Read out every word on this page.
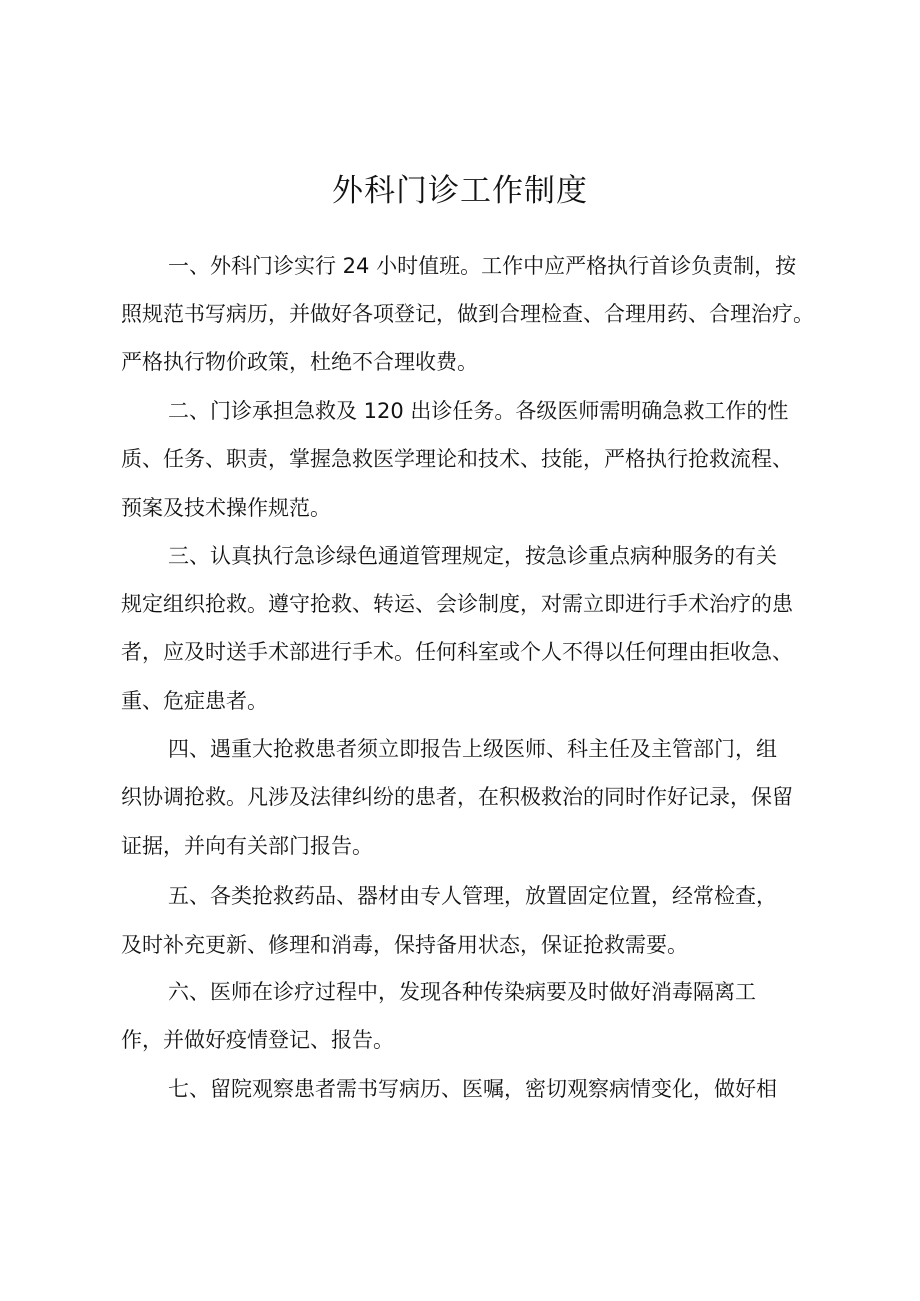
外科门诊工作制度
一、外科门诊实行 24 小时值班。工作中应严格执行首诊负责制，按
照规范书写病历，并做好各项登记，做到合理检查、合理用药、合理治疗。
严格执行物价政策，杜绝不合理收费。
二、门诊承担急救及 120 出诊任务。各级医师需明确急救工作的性
质、任务、职责，掌握急救医学理论和技术、技能，严格执行抢救流程、
预案及技术操作规范。
三、认真执行急诊绿色通道管理规定，按急诊重点病种服务的有关
规定组织抢救。遵守抢救、转运、会诊制度，对需立即进行手术治疗的患
者，应及时送手术部进行手术。任何科室或个人不得以任何理由拒收急、
重、危症患者。
四、遇重大抢救患者须立即报告上级医师、科主任及主管部门，组
织协调抢救。凡涉及法律纠纷的患者，在积极救治的同时作好记录，保留
证据，并向有关部门报告。
五、各类抢救药品、器材由专人管理，放置固定位置，经常检查，
及时补充更新、修理和消毒，保持备用状态，保证抢救需要。
六、医师在诊疗过程中，发现各种传染病要及时做好消毒隔离工
作，并做好疫情登记、报告。
七、留院观察患者需书写病历、医嘱，密切观察病情变化，做好相
